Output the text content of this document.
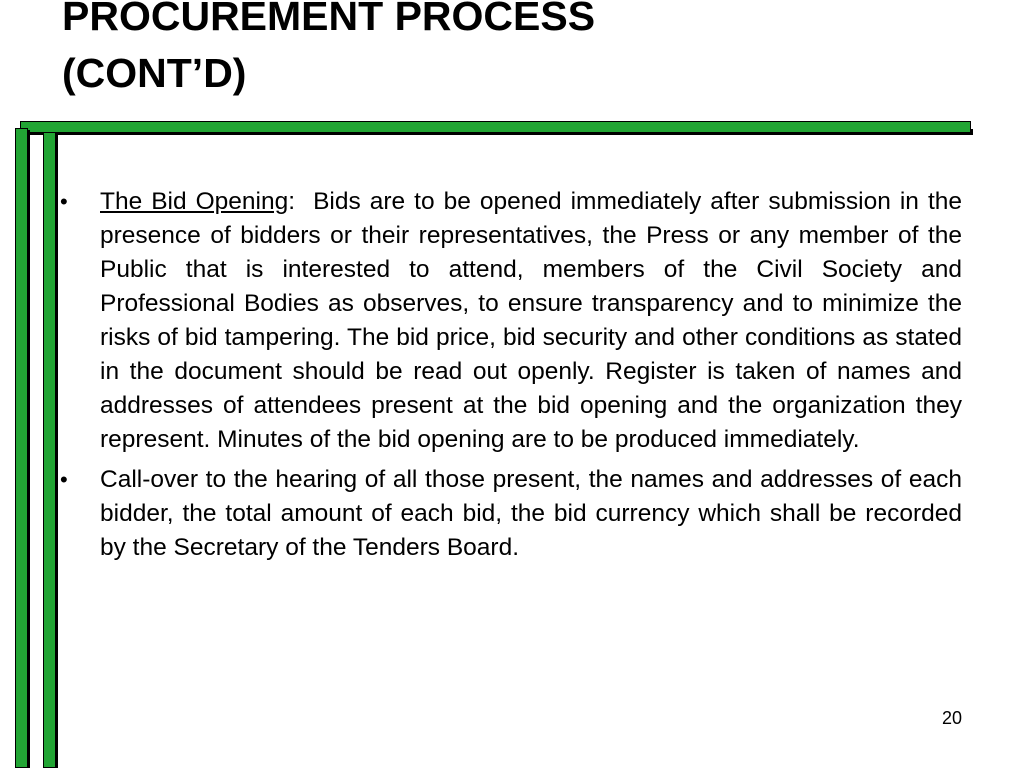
PROCUREMENT PROCESS
(CONT’D)
•	The Bid Opening:  Bids are to be opened immediately after submission in the presence of bidders or their representatives, the Press or any member of the Public that is interested to attend, members of the Civil Society and Professional Bodies as observes, to ensure transparency and to minimize the risks of bid tampering. The bid price, bid security and other conditions as stated in the document should be read out openly. Register is taken of names and addresses of attendees present at the bid opening and the organization they represent. Minutes of the bid opening are to be produced immediately.
•	Call-over to the hearing of all those present, the names and addresses of each bidder, the total amount of each bid, the bid currency which shall be recorded by the Secretary of the Tenders Board.
20
